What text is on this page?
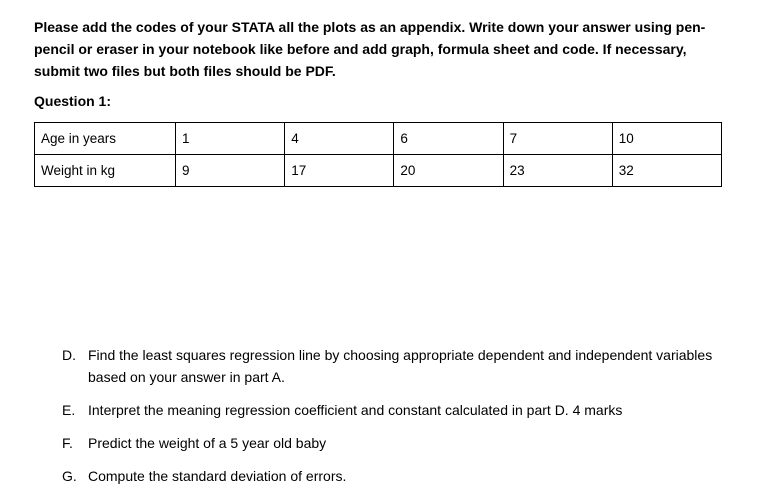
Please add the codes of your STATA all the plots as an appendix. Write down your answer using pen-pencil or eraser in your notebook like before and add graph, formula sheet and code. If necessary, submit two files but both files should be PDF.

Question 1:

Age in years	1	4	6	7	10
Weight in kg	9	17	20	23	32
D. Find the least squares regression line by choosing appropriate dependent and independent variables based on your answer in part A.
E. Interpret the meaning regression coefficient and constant calculated in part D. 4 marks
F.	Predict the weight of a 5 year old baby
G. Compute the standard deviation of errors.
